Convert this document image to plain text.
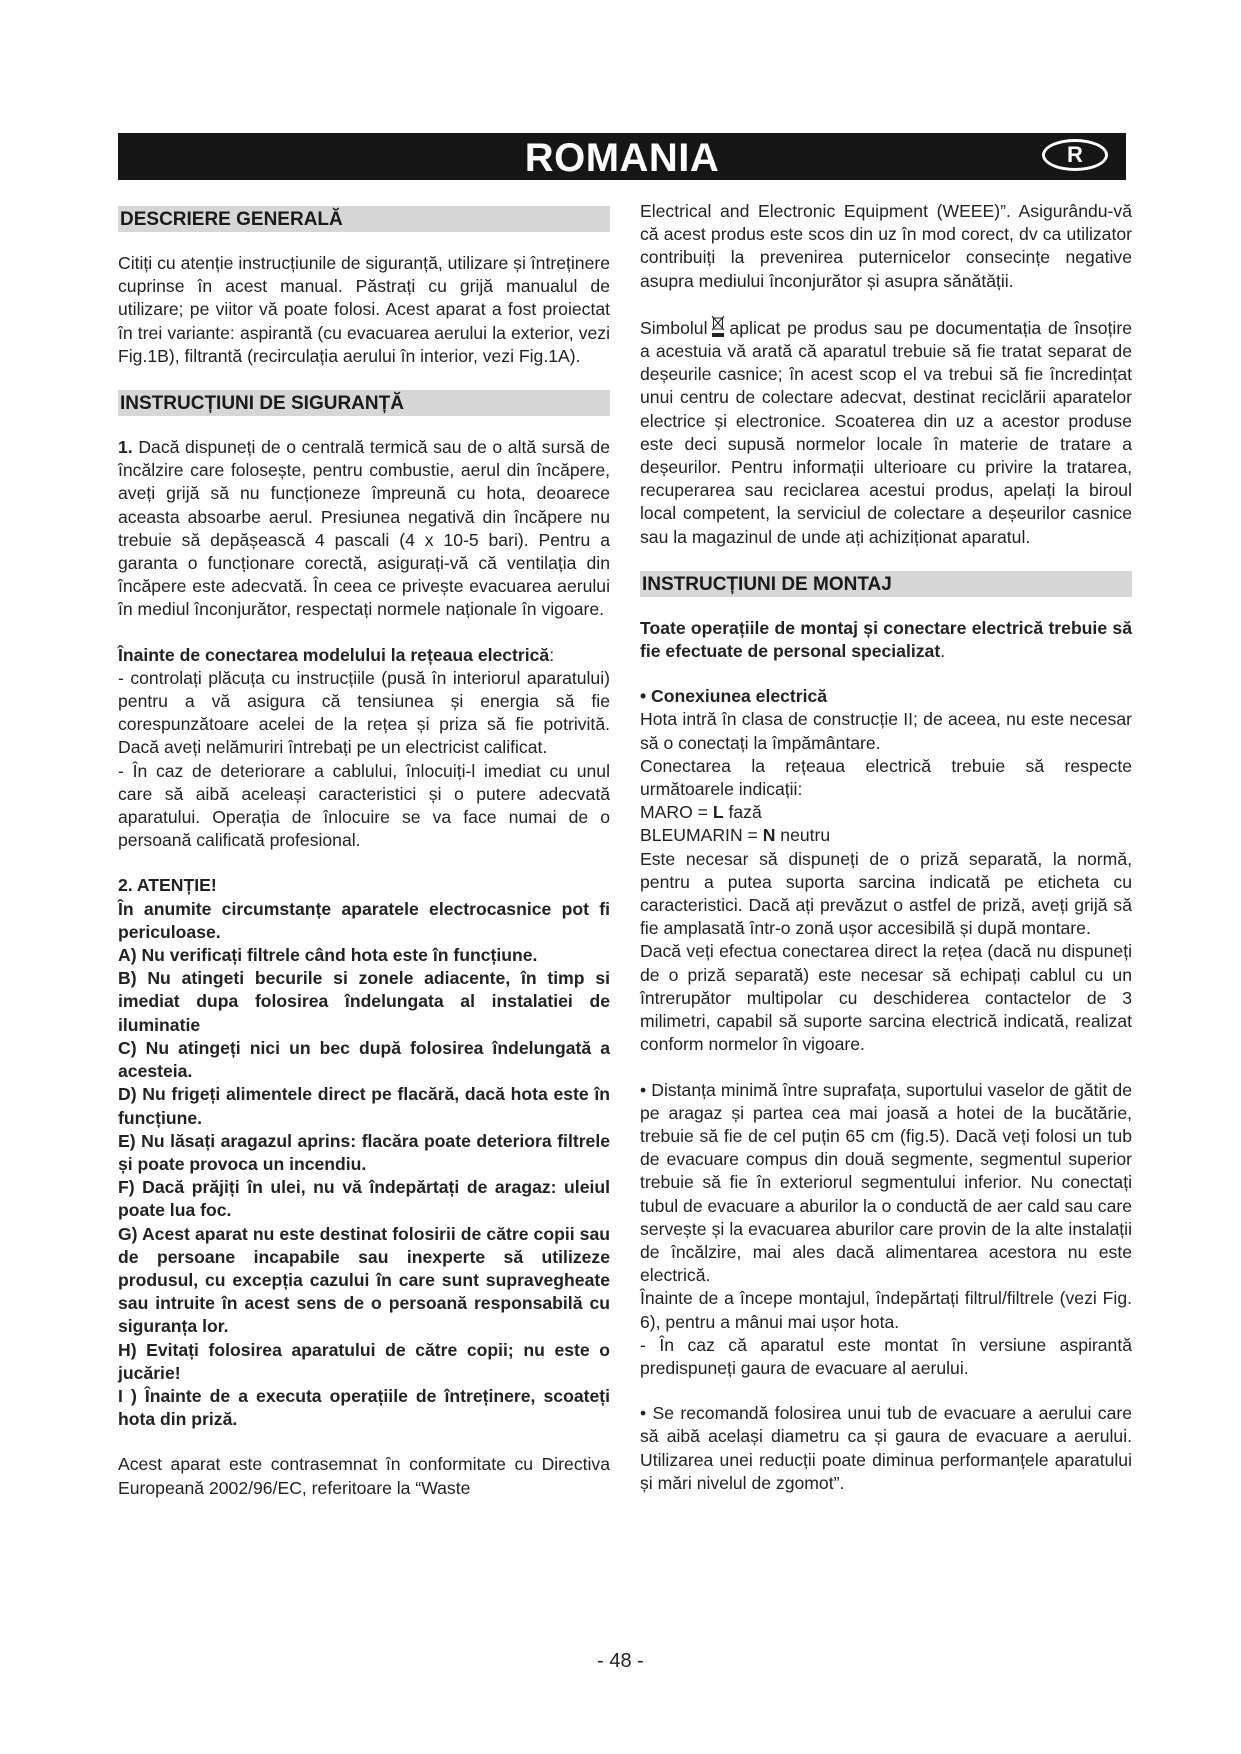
ROMANIA	R
DESCRIERE GENERALĂ

Citiți cu atenție instrucțiunile de siguranță, utilizare și întreținere cuprinse în acest manual. Păstrați cu grijă manualul de utilizare; pe viitor vă poate folosi. Acest aparat a fost proiectat în trei variante: aspirantă (cu evacuarea aerului la exterior, vezi Fig.1B), filtrantă (recirculația aerului în interior, vezi Fig.1A).

INSTRUCȚIUNI DE SIGURANȚĂ

1. Dacă dispuneți de o centrală termică sau de o altă sursă de încălzire care folosește, pentru combustie, aerul din încăpere, aveți grijă să nu funcționeze împreună cu hota, deoarece aceasta absoarbe aerul. Presiunea negativă din încăpere nu trebuie să depășească 4 pascali (4 x 10-5 bari). Pentru a garanta o funcționare corectă, asigurați-vă că ventilația din încăpere este adecvată. În ceea ce privește evacuarea aerului în mediul înconjurător, respectați normele naționale în vigoare.

Înainte de conectarea modelului la rețeaua electrică:
- controlați plăcuța cu instrucțiile (pusă în interiorul aparatului) pentru a vă asigura că tensiunea și energia să fie corespunzătoare acelei de la rețea și priza să fie potrivită. Dacă aveți nelămuriri întrebați pe un electricist calificat.
- În caz de deteriorare a cablului, înlocuiți-l imediat cu unul care să aibă aceleași caracteristici și o putere adecvată aparatului. Operația de înlocuire se va face numai de o persoană calificată profesional.
2. ATENȚIE!
În anumite circumstanțe aparatele electrocasnice pot fi periculoase.
A) Nu verificați filtrele când hota este în funcțiune.
B) Nu atingeti becurile si zonele adiacente, în timp si imediat dupa folosirea îndelungata al instalatiei de iluminatie
C) Nu atingeți nici un bec după folosirea îndelungată a acesteia.
D) Nu frigeți alimentele direct pe flacără, dacă hota este în funcțiune.
E) Nu lăsați aragazul aprins: flacăra poate deteriora filtrele și poate provoca un incendiu.
F) Dacă prăjiți în ulei, nu vă îndepărtați de aragaz: uleiul poate lua foc.
G) Acest aparat nu este destinat folosirii de către copii sau de persoane incapabile sau inexperte să utilizeze produsul, cu excepția cazului în care sunt supravegheate sau intruite în acest sens de o persoană responsabilă cu siguranța lor.
H) Evitați folosirea aparatului de către copii; nu este o jucărie!
I ) Înainte de a executa operațiile de întreținere, scoateți hota din priză.

Acest aparat este contrasemnat în conformitate cu Directiva Europeană 2002/96/EC, referitoare la “Waste

Electrical and Electronic Equipment (WEEE)”. Asigurându-vă că acest produs este scos din uz în mod corect, dv ca utilizator contribuiți la prevenirea puternicelor consecințe negative asupra mediului înconjurător și asupra sănătății.

Simbolul aplicat pe produs sau pe documentația de însoțire a acestuia vă arată că aparatul trebuie să fie tratat separat de deșeurile casnice; în acest scop el va trebui să fie încredințat unui centru de colectare adecvat, destinat reciclării aparatelor electrice și electronice. Scoaterea din uz a acestor produse este deci supusă normelor locale în materie de tratare a deșeurilor. Pentru informații ulterioare cu privire la tratarea, recuperarea sau reciclarea acestui produs, apelați la biroul local competent, la serviciul de colectare a deșeurilor casnice sau la magazinul de unde ați achiziționat aparatul.

INSTRUCȚIUNI DE MONTAJ

Toate operațiile de montaj și conectare electrică trebuie să fie efectuate de personal specializat.

• Conexiunea electrică
Hota intră în clasa de construcție II; de aceea, nu este necesar să o conectați la împământare.
Conectarea la rețeaua electrică trebuie să respecte următoarele indicații:
MARO = L fază
BLEUMARIN = N neutru
Este necesar să dispuneți de o priză separată, la normă, pentru a putea suporta sarcina indicată pe eticheta cu caracteristici. Dacă ați prevăzut o astfel de priză, aveți grijă să fie amplasată într-o zonă ușor accesibilă și după montare.
Dacă veți efectua conectarea direct la rețea (dacă nu dispuneți de o priză separată) este necesar să echipați cablul cu un întrerupător multipolar cu deschiderea contactelor de 3 milimetri, capabil să suporte sarcina electrică indicată, realizat conform normelor în vigoare.
• Distanța minimă între suprafața, suportului vaselor de gătit de pe aragaz și partea cea mai joasă a hotei de la bucătărie, trebuie să fie de cel puțin 65 cm (fig.5). Dacă veți folosi un tub de evacuare compus din două segmente, segmentul superior trebuie să fie în exteriorul segmentului inferior. Nu conectați tubul de evacuare a aburilor la o conductă de aer cald sau care servește și la evacuarea aburilor care provin de la alte instalații de încălzire, mai ales dacă alimentarea acestora nu este electrică.
Înainte de a începe montajul, îndepărtați filtrul/filtrele (vezi Fig. 6), pentru a mânui mai ușor hota.
- În caz că aparatul este montat în versiune aspirantă predispuneți gaura de evacuare al aerului.

• Se recomandă folosirea unui tub de evacuare a aerului care să aibă același diametru ca și gaura de evacuare a aerului. Utilizarea unei reducții poate diminua performanțele aparatului și mări nivelul de zgomot”.

- 48 -
